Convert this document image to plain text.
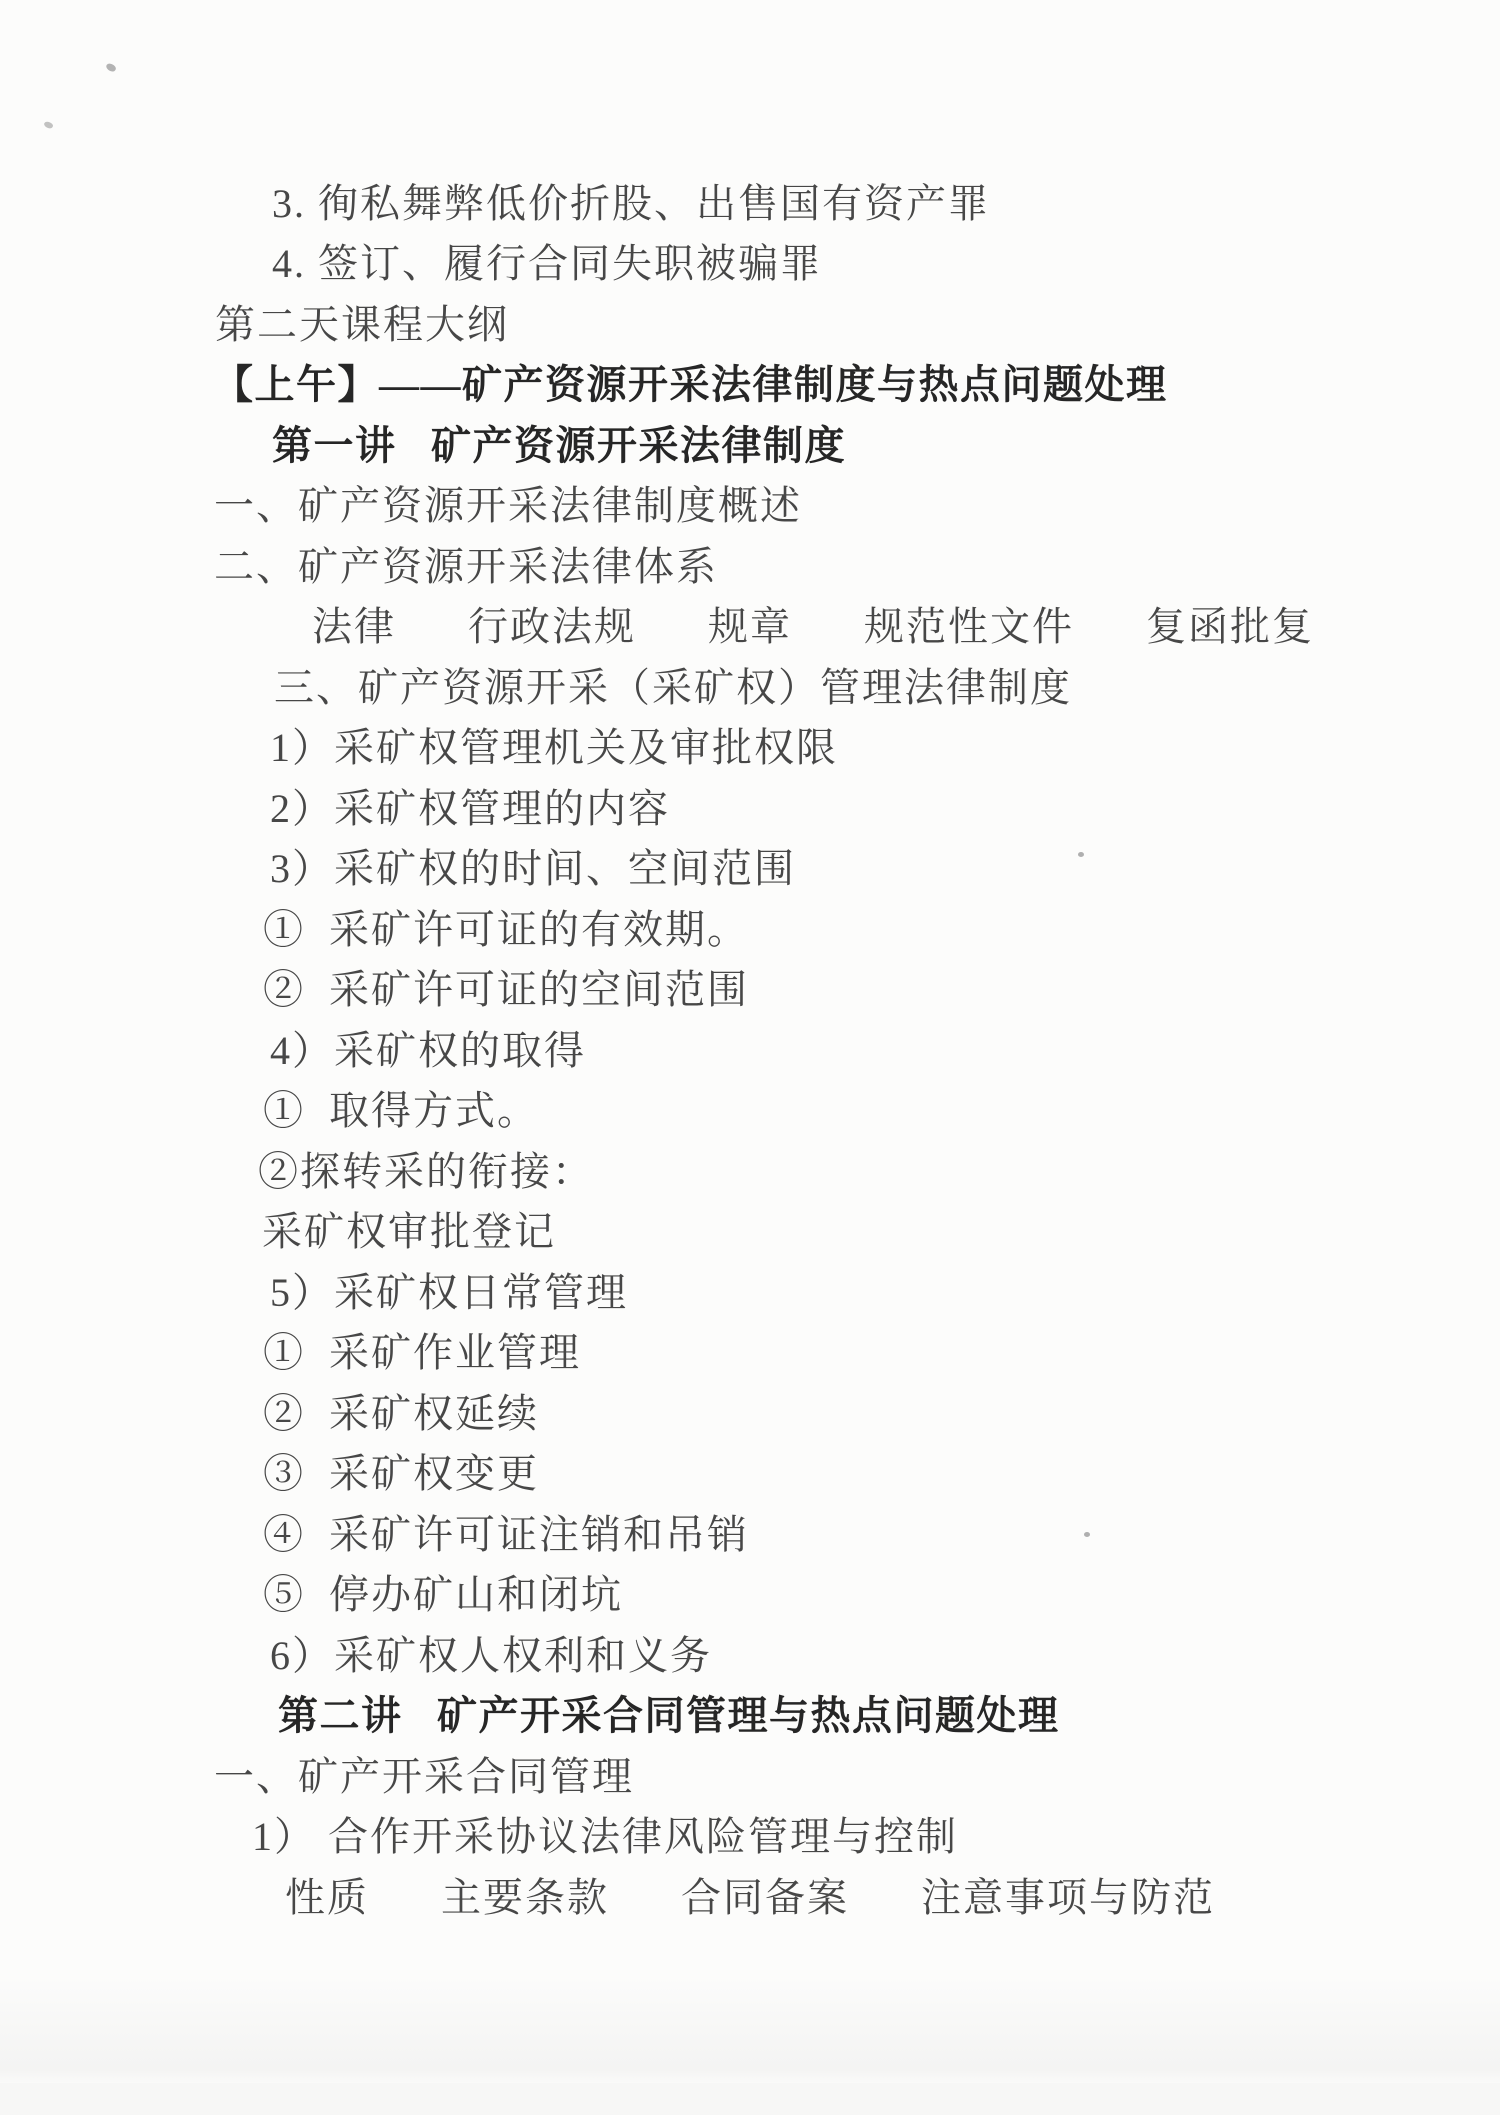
3. 徇私舞弊低价折股、出售国有资产罪
4. 签订、履行合同失职被骗罪
第二天课程大纲
【上午】——矿产资源开采法律制度与热点问题处理
第一讲   矿产资源开采法律制度
一、矿产资源开采法律制度概述
二、矿产资源开采法律体系
法律      行政法规      规章      规范性文件      复函批复
三、矿产资源开采（采矿权）管理法律制度
1）采矿权管理机关及审批权限
2）采矿权管理的内容
3）采矿权的时间、空间范围
①  采矿许可证的有效期。
②  采矿许可证的空间范围
4）采矿权的取得
①  取得方式。
②探转采的衔接：
采矿权审批登记
5）采矿权日常管理
①  采矿作业管理
②  采矿权延续
③  采矿权变更
④  采矿许可证注销和吊销
⑤  停办矿山和闭坑
6）采矿权人权利和义务
第二讲   矿产开采合同管理与热点问题处理
一、矿产开采合同管理
1） 合作开采协议法律风险管理与控制
性质      主要条款      合同备案      注意事项与防范
